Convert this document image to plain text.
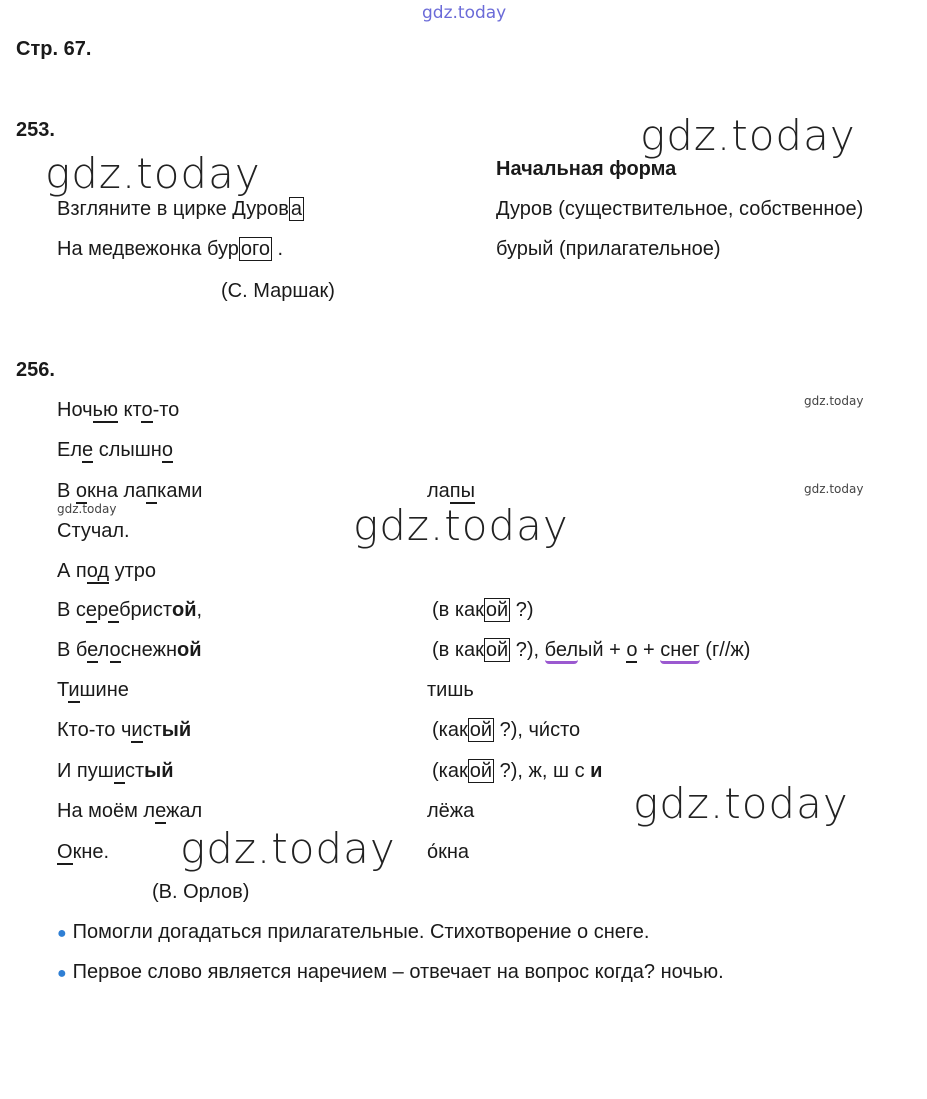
gdz.today
gdz.today
gdz.today
gdz.today
gdz.today
gdz.today
gdz.today
gdz.today
gdz.today
Стр. 67.
253.
Начальная форма
Взгляните в цирке Дуров а
На медвежонка бур ого .
(С. Маршак)
Дуров (существительное, собственное)
бурый (прилагательное)
256.
Ночью кто-то
Еле слышно
В окна лапками
Стучал.
А под утро
В серебристой,
В белоснежной
Тишине
Кто-то чистый
И пушистый
На моём лежал
Окне.
(В. Орлов)
лапы
(в как ой ?)
(в как ой ?), белый + о + снег (г//ж)
тишь
(как ой ?), чи́сто
(как ой ?), ж, ш с и
лёжа
о́кна
● Помогли догадаться прилагательные. Стихотворение о снеге.
● Первое слово является наречием – отвечает на вопрос когда? ночью.
